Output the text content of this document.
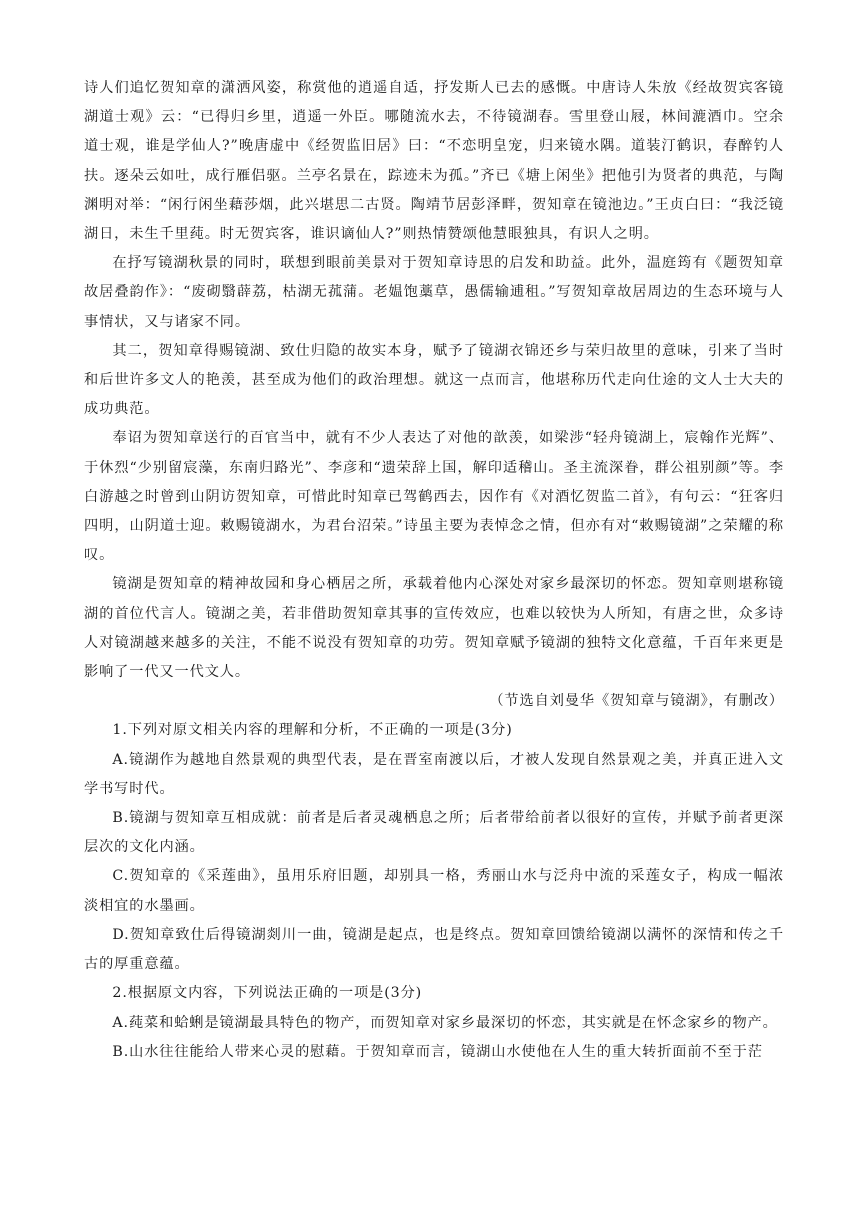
诗人们追忆贺知章的潇洒风姿，称赏他的逍遥自适，抒发斯人已去的感慨。中唐诗人朱放《经故贺宾客镜湖道士观》云：“已得归乡里，逍遥一外臣。哪随流水去，不待镜湖春。雪里登山屐，林间漉酒巾。空余道士观，谁是学仙人?”晚唐虚中《经贺监旧居》曰：“不恋明皇宠，归来镜水隅。道装汀鹤识，春醉钓人扶。逐朵云如吐，成行雁侣驱。兰亭名景在，踪迹未为孤。”齐已《塘上闲坐》把他引为贤者的典范，与陶渊明对举：“闲行闲坐藉莎烟，此兴堪思二古贤。陶靖节居彭泽畔，贺知章在镜池边。”王贞白曰：“我泛镜湖日，未生千里莼。时无贺宾客，谁识谪仙人?”则热情赞颂他慧眼独具，有识人之明。

在抒写镜湖秋景的同时，联想到眼前美景对于贺知章诗思的启发和助益。此外，温庭筠有《题贺知章故居叠韵作》：“废砌翳薜荔，枯湖无菰蒲。老媪饱藁草，愚儒输逋租。”写贺知章故居周边的生态环境与人事情状，又与诸家不同。

其二，贺知章得赐镜湖、致仕归隐的故实本身，赋予了镜湖衣锦还乡与荣归故里的意味，引来了当时和后世许多文人的艳羡，甚至成为他们的政治理想。就这一点而言，他堪称历代走向仕途的文人士大夫的成功典范。

奉诏为贺知章送行的百官当中，就有不少人表达了对他的歆羡，如梁涉“轻舟镜湖上，宸翰作光辉”、于休烈“少别留宸藻，东南归路光”、李彦和“遗荣辞上国，解印适稽山。圣主流深眷，群公祖别颜”等。李白游越之时曾到山阴访贺知章，可惜此时知章已驾鹤西去，因作有《对酒忆贺监二首》，有句云：“狂客归四明，山阴道士迎。敕赐镜湖水，为君台沼荣。”诗虽主要为表悼念之情，但亦有对“敕赐镜湖”之荣耀的称叹。

镜湖是贺知章的精神故园和身心栖居之所，承载着他内心深处对家乡最深切的怀恋。贺知章则堪称镜湖的首位代言人。镜湖之美，若非借助贺知章其事的宣传效应，也难以较快为人所知，有唐之世，众多诗人对镜湖越来越多的关注，不能不说没有贺知章的功劳。贺知章赋予镜湖的独特文化意蕴，千百年来更是影响了一代又一代文人。

（节选自刘曼华《贺知章与镜湖》，有删改）

1.下列对原文相关内容的理解和分析，不正确的一项是(3分)

A.镜湖作为越地自然景观的典型代表，是在晋室南渡以后，才被人发现自然景观之美，并真正进入文学书写时代。

B.镜湖与贺知章互相成就：前者是后者灵魂栖息之所；后者带给前者以很好的宣传，并赋予前者更深层次的文化内涵。

C.贺知章的《采莲曲》，虽用乐府旧题，却别具一格，秀丽山水与泛舟中流的采莲女子，构成一幅浓淡相宜的水墨画。

D.贺知章致仕后得镜湖剡川一曲，镜湖是起点，也是终点。贺知章回馈给镜湖以满怀的深情和传之千古的厚重意蕴。

2.根据原文内容，下列说法正确的一项是(3分)

A.莼菜和蛤蜊是镜湖最具特色的物产，而贺知章对家乡最深切的怀恋，其实就是在怀念家乡的物产。

B.山水往往能给人带来心灵的慰藉。于贺知章而言，镜湖山水使他在人生的重大转折面前不至于茫
